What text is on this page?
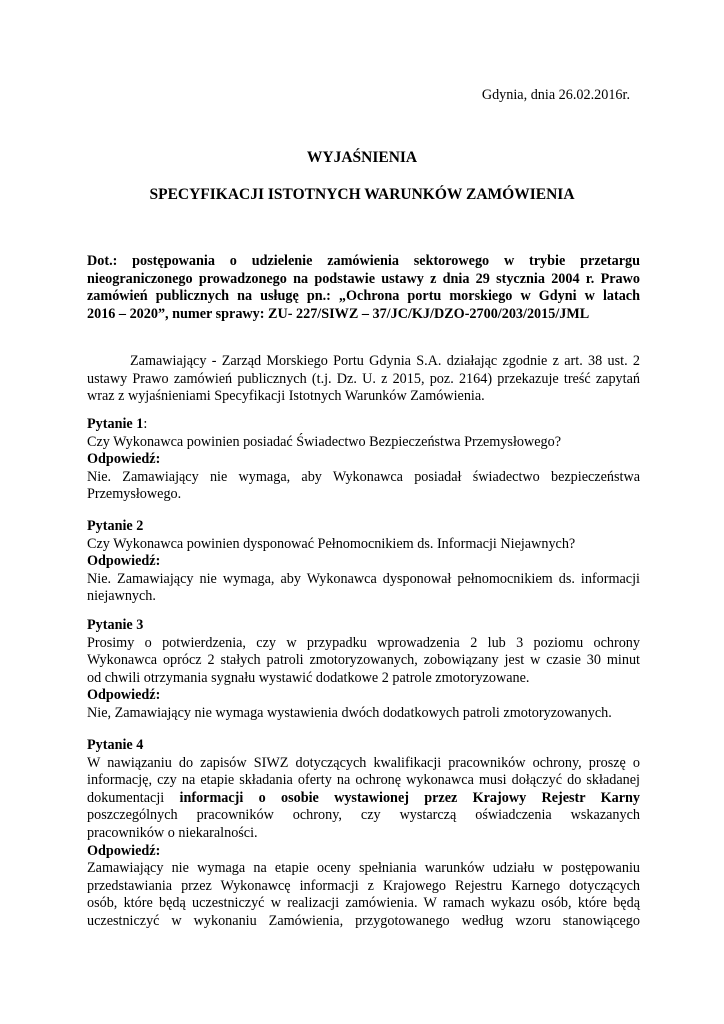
Gdynia, dnia 26.02.2016r.

WYJAŚNIENIA

SPECYFIKACJI ISTOTNYCH WARUNKÓW ZAMÓWIENIA

Dot.: postępowania o udzielenie zamówienia sektorowego w trybie przetargu
nieograniczonego prowadzonego na podstawie ustawy z dnia 29 stycznia 2004 r. Prawo
zamówień publicznych na usługę pn.: „Ochrona portu morskiego w Gdyni w latach
2016 – 2020”, numer sprawy: ZU- 227/SIWZ – 37/JC/KJ/DZO-2700/203/2015/JML
Zamawiający - Zarząd Morskiego Portu Gdynia S.A. działając zgodnie z art. 38 ust. 2
ustawy Prawo zamówień publicznych (t.j. Dz. U. z 2015, poz. 2164) przekazuje treść zapytań
wraz z wyjaśnieniami Specyfikacji Istotnych Warunków Zamówienia.

Pytanie 1:

Czy Wykonawca powinien posiadać Świadectwo Bezpieczeństwa Przemysłowego?

Odpowiedź:

Nie. Zamawiający nie wymaga, aby Wykonawca posiadał świadectwo bezpieczeństwa
Przemysłowego.

Pytanie 2

Czy Wykonawca powinien dysponować Pełnomocnikiem ds. Informacji Niejawnych?

Odpowiedź:

Nie. Zamawiający nie wymaga, aby Wykonawca dysponował pełnomocnikiem ds. informacji
niejawnych.

Pytanie 3

Prosimy o potwierdzenia, czy w przypadku wprowadzenia 2 lub 3 poziomu ochrony
Wykonawca oprócz 2 stałych patroli zmotoryzowanych, zobowiązany jest w czasie 30 minut
od chwili otrzymania sygnału wystawić dodatkowe 2 patrole zmotoryzowane.

Odpowiedź:

Nie, Zamawiający nie wymaga wystawienia dwóch dodatkowych patroli zmotoryzowanych.

Pytanie 4

W nawiązaniu do zapisów SIWZ dotyczących kwalifikacji pracowników ochrony, proszę o
informację, czy na etapie składania oferty na ochronę wykonawca musi dołączyć do składanej
dokumentacji informacji o osobie wystawionej przez Krajowy Rejestr Karny
poszczególnych pracowników ochrony, czy wystarczą oświadczenia wskazanych
pracowników o niekaralności.

Odpowiedź:

Zamawiający nie wymaga na etapie oceny spełniania warunków udziału w postępowaniu
przedstawiania przez Wykonawcę informacji z Krajowego Rejestru Karnego dotyczących
osób, które będą uczestniczyć w realizacji zamówienia. W ramach wykazu osób, które będą
uczestniczyć w wykonaniu Zamówienia, przygotowanego według wzoru stanowiącego
